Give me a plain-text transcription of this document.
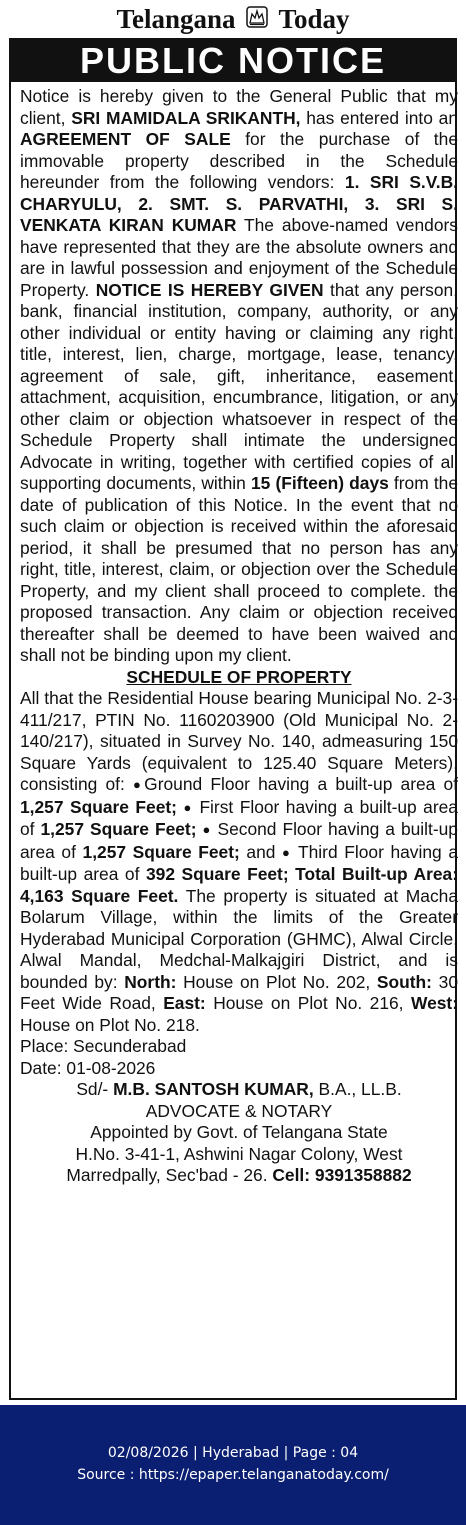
Telangana Today
PUBLIC NOTICE

Notice is hereby given to the General Public that my client, SRI MAMIDALA SRIKANTH, has entered into an AGREEMENT OF SALE for the purchase of the immovable property described in the Schedule hereunder from the following vendors: 1. SRI S.V.B. CHARYULU, 2. SMT. S. PARVATHI, 3. SRI S. VENKATA KIRAN KUMAR The above-named vendors have represented that they are the absolute owners and are in lawful possession and enjoyment of the Schedule Property. NOTICE IS HEREBY GIVEN that any person, bank, financial institution, company, authority, or any other individual or entity having or claiming any right, title, interest, lien, charge, mortgage, lease, tenancy, agreement of sale, gift, inheritance, easement, attachment, acquisition, encumbrance, litigation, or any other claim or objection whatsoever in respect of the Schedule Property shall intimate the undersigned Advocate in writing, together with certified copies of all supporting documents, within 15 (Fifteen) days from the date of publication of this Notice. In the event that no such claim or objection is received within the aforesaid period, it shall be presumed that no person has any right, title, interest, claim, or objection over the Schedule Property, and my client shall proceed to complete. the proposed transaction. Any claim or objection received thereafter shall be deemed to have been waived and shall not be binding upon my client.

SCHEDULE OF PROPERTY

All that the Residential House bearing Municipal No. 2-3-411/217, PTIN No. 1160203900 (Old Municipal No. 2-140/217), situated in Survey No. 140, admeasuring 150 Square Yards (equivalent to 125.40 Square Meters), consisting of: ●Ground Floor having a built-up area of 1,257 Square Feet; ● First Floor having a built-up area of 1,257 Square Feet; ● Second Floor having a built-up area of 1,257 Square Feet; and ● Third Floor having a built-up area of 392 Square Feet; Total Built-up Area: 4,163 Square Feet. The property is situated at Macha Bolarum Village, within the limits of the Greater Hyderabad Municipal Corporation (GHMC), Alwal Circle, Alwal Mandal, Medchal-Malkajgiri District, and is bounded by: North: House on Plot No. 202, South: 30 Feet Wide Road, East: House on Plot No. 216, West: House on Plot No. 218.

Place: Secunderabad

Date: 01-08-2026

Sd/- M.B. SANTOSH KUMAR, B.A., LL.B.

ADVOCATE & NOTARY

Appointed by Govt. of Telangana State

H.No. 3-41-1, Ashwini Nagar Colony, West

Marredpally, Sec'bad - 26. Cell: 9391358882

02/08/2026 | Hyderabad | Page : 04
Source : https://epaper.telanganatoday.com/
